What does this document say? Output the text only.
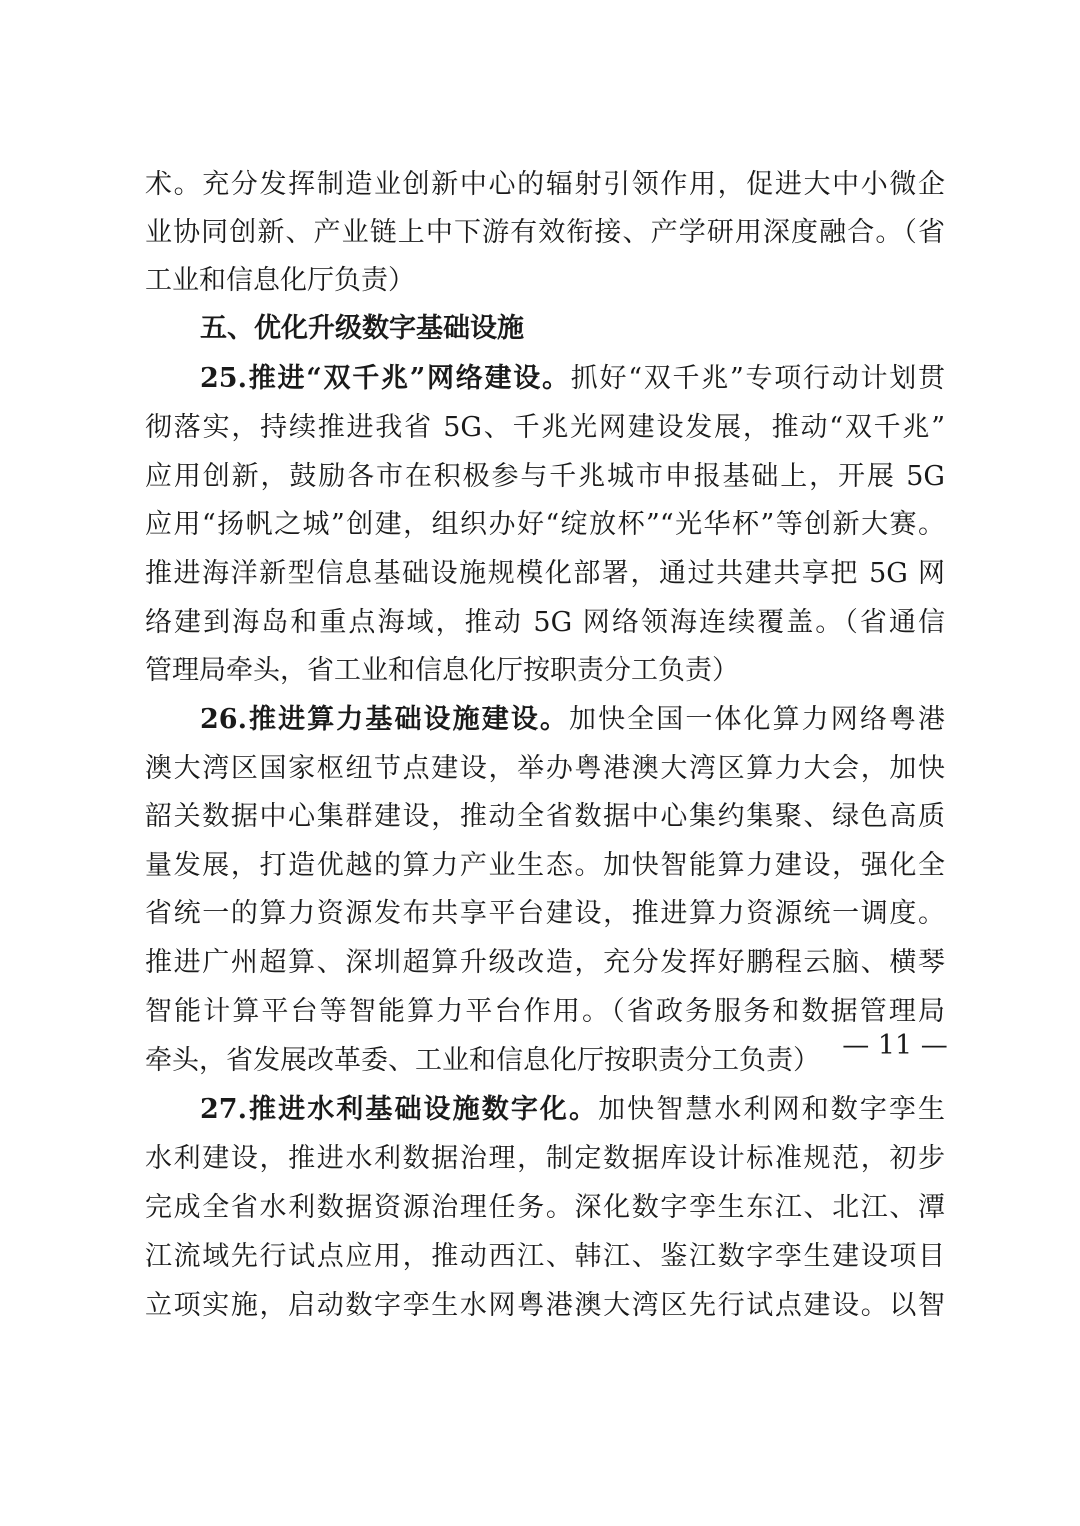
术。充分发挥制造业创新中心的辐射引领作用，促进大中小微企
业协同创新、产业链上中下游有效衔接、产学研用深度融合。（省
工业和信息化厅负责）
五、优化升级数字基础设施
25.推进“双千兆”网络建设。抓好“双千兆”专项行动计划贯
彻落实，持续推进我省 5G、千兆光网建设发展，推动“双千兆”
应用创新，鼓励各市在积极参与千兆城市申报基础上，开展 5G
应用“扬帆之城”创建，组织办好“绽放杯”“光华杯”等创新大赛。
推进海洋新型信息基础设施规模化部署，通过共建共享把 5G 网
络建到海岛和重点海域，推动 5G 网络领海连续覆盖。（省通信
管理局牵头，省工业和信息化厅按职责分工负责）
26.推进算力基础设施建设。加快全国一体化算力网络粤港
澳大湾区国家枢纽节点建设，举办粤港澳大湾区算力大会，加快
韶关数据中心集群建设，推动全省数据中心集约集聚、绿色高质
量发展，打造优越的算力产业生态。加快智能算力建设，强化全
省统一的算力资源发布共享平台建设，推进算力资源统一调度。
推进广州超算、深圳超算升级改造，充分发挥好鹏程云脑、横琴
智能计算平台等智能算力平台作用。（省政务服务和数据管理局
牵头，省发展改革委、工业和信息化厅按职责分工负责）
27.推进水利基础设施数字化。加快智慧水利网和数字孪生
水利建设，推进水利数据治理，制定数据库设计标准规范，初步
完成全省水利数据资源治理任务。深化数字孪生东江、北江、潭
江流域先行试点应用，推动西江、韩江、鉴江数字孪生建设项目
立项实施，启动数字孪生水网粤港澳大湾区先行试点建设。以智
— 11 —
